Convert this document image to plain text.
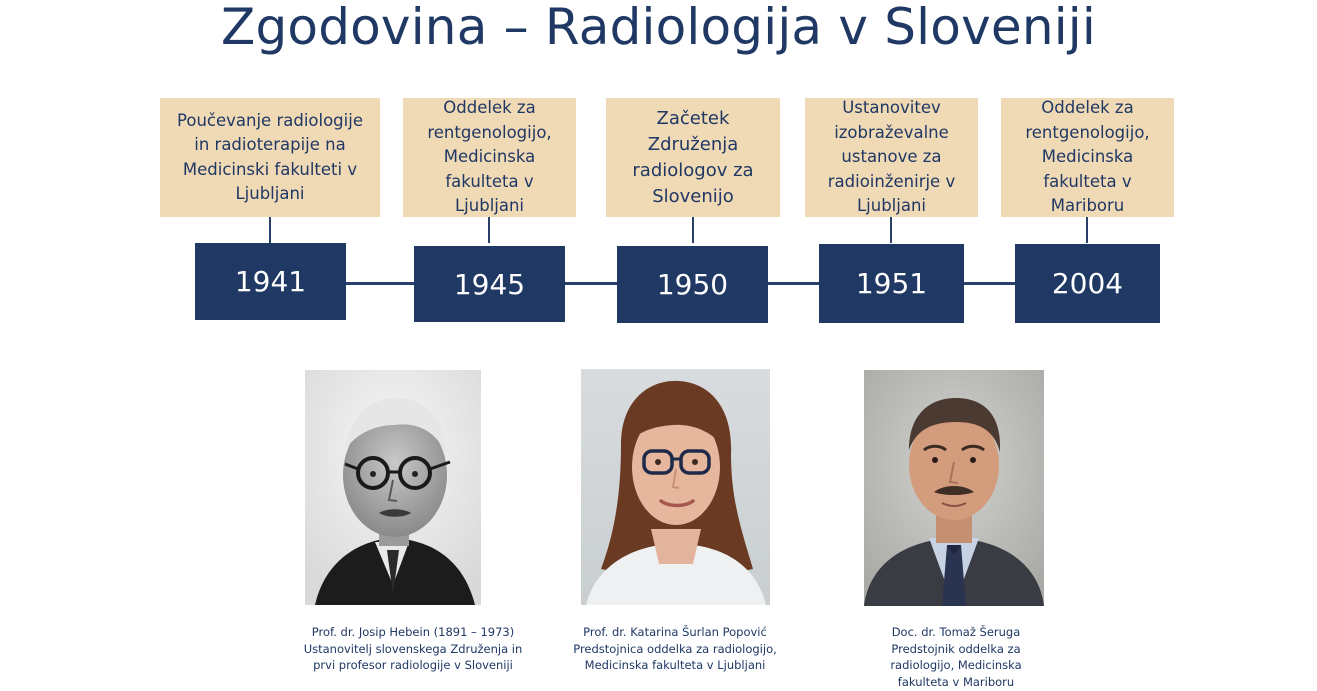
Zgodovina – Radiologija v Sloveniji
Poučevanje radiologije
in radioterapije na
Medicinski fakulteti v
Ljubljani
1941
Oddelek za
rentgenologijo,
Medicinska
fakulteta v
Ljubljani
1945
Začetek
Združenja
radiologov za
Slovenijo
1950
Ustanovitev
izobraževalne
ustanove za
radioinženirje v
Ljubljani
1951
Oddelek za
rentgenologijo,
Medicinska
fakulteta v
Mariboru
2004
Prof. dr. Josip Hebein (1891 – 1973)
Ustanovitelj slovenskega Združenja in
prvi profesor radiologije v Sloveniji
Prof. dr. Katarina Šurlan Popović
Predstojnica oddelka za radiologijo,
Medicinska fakulteta v Ljubljani
Doc. dr. Tomaž Šeruga
Predstojnik oddelka za
radiologijo, Medicinska
fakulteta v Mariboru
